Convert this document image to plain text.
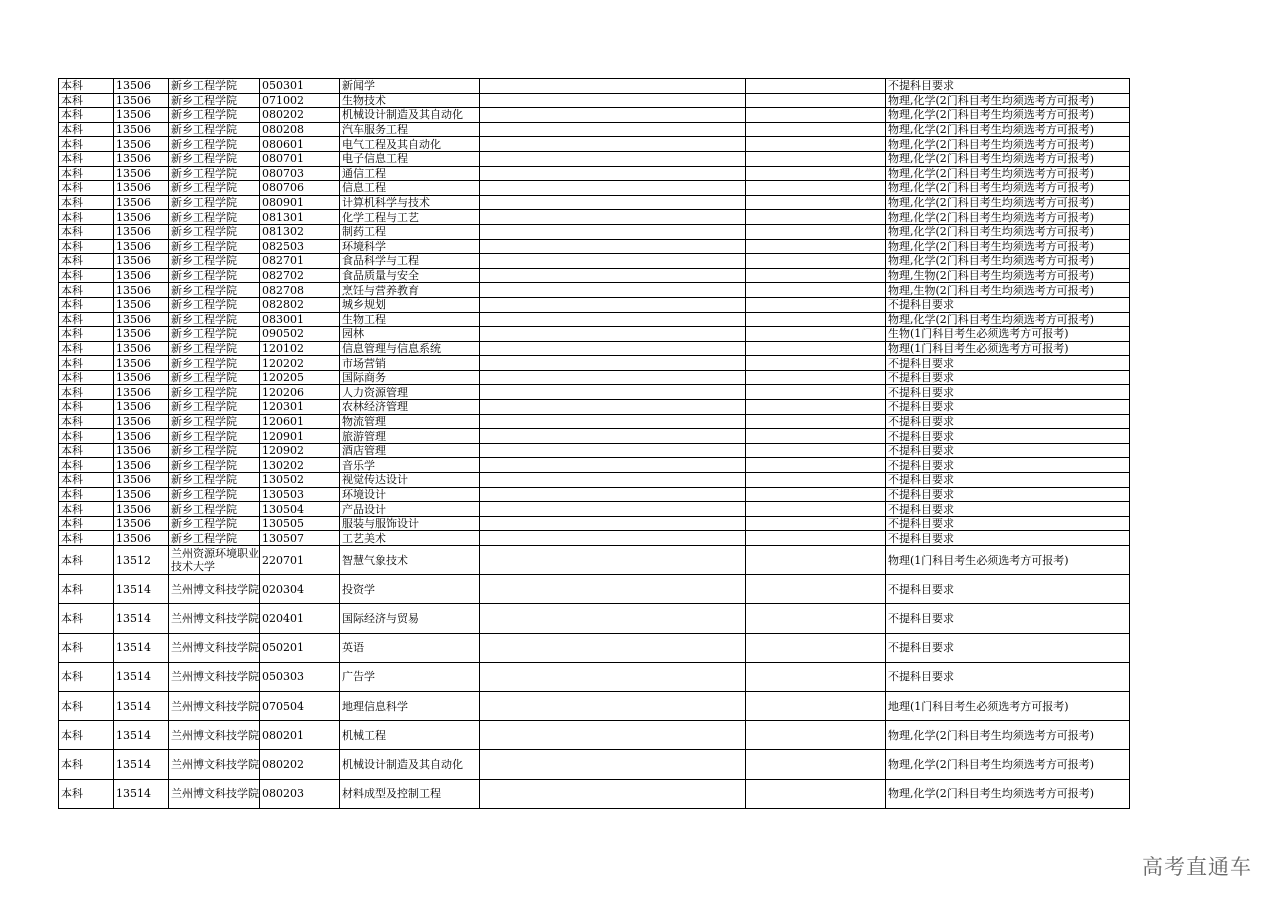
本科	13506	新乡工程学院	050301	新闻学			不提科目要求
本科	13506	新乡工程学院	071002	生物技术			物理,化学(2门科目考生均须选考方可报考)
本科	13506	新乡工程学院	080202	机械设计制造及其自动化			物理,化学(2门科目考生均须选考方可报考)
本科	13506	新乡工程学院	080208	汽车服务工程			物理,化学(2门科目考生均须选考方可报考)
本科	13506	新乡工程学院	080601	电气工程及其自动化			物理,化学(2门科目考生均须选考方可报考)
本科	13506	新乡工程学院	080701	电子信息工程			物理,化学(2门科目考生均须选考方可报考)
本科	13506	新乡工程学院	080703	通信工程			物理,化学(2门科目考生均须选考方可报考)
本科	13506	新乡工程学院	080706	信息工程			物理,化学(2门科目考生均须选考方可报考)
本科	13506	新乡工程学院	080901	计算机科学与技术			物理,化学(2门科目考生均须选考方可报考)
本科	13506	新乡工程学院	081301	化学工程与工艺			物理,化学(2门科目考生均须选考方可报考)
本科	13506	新乡工程学院	081302	制药工程			物理,化学(2门科目考生均须选考方可报考)
本科	13506	新乡工程学院	082503	环境科学			物理,化学(2门科目考生均须选考方可报考)
本科	13506	新乡工程学院	082701	食品科学与工程			物理,化学(2门科目考生均须选考方可报考)
本科	13506	新乡工程学院	082702	食品质量与安全			物理,生物(2门科目考生均须选考方可报考)
本科	13506	新乡工程学院	082708	烹饪与营养教育			物理,生物(2门科目考生均须选考方可报考)
本科	13506	新乡工程学院	082802	城乡规划			不提科目要求
本科	13506	新乡工程学院	083001	生物工程			物理,化学(2门科目考生均须选考方可报考)
本科	13506	新乡工程学院	090502	园林			生物(1门科目考生必须选考方可报考)
本科	13506	新乡工程学院	120102	信息管理与信息系统			物理(1门科目考生必须选考方可报考)
本科	13506	新乡工程学院	120202	市场营销			不提科目要求
本科	13506	新乡工程学院	120205	国际商务			不提科目要求
本科	13506	新乡工程学院	120206	人力资源管理			不提科目要求
本科	13506	新乡工程学院	120301	农林经济管理			不提科目要求
本科	13506	新乡工程学院	120601	物流管理			不提科目要求
本科	13506	新乡工程学院	120901	旅游管理			不提科目要求
本科	13506	新乡工程学院	120902	酒店管理			不提科目要求
本科	13506	新乡工程学院	130202	音乐学			不提科目要求
本科	13506	新乡工程学院	130502	视觉传达设计			不提科目要求
本科	13506	新乡工程学院	130503	环境设计			不提科目要求
本科	13506	新乡工程学院	130504	产品设计			不提科目要求
本科	13506	新乡工程学院	130505	服装与服饰设计			不提科目要求
本科	13506	新乡工程学院	130507	工艺美术			不提科目要求
本科	13512	兰州资源环境职业技术大学	220701	智慧气象技术			物理(1门科目考生必须选考方可报考)
本科	13514	兰州博文科技学院	020304	投资学			不提科目要求
本科	13514	兰州博文科技学院	020401	国际经济与贸易			不提科目要求
本科	13514	兰州博文科技学院	050201	英语			不提科目要求
本科	13514	兰州博文科技学院	050303	广告学			不提科目要求
本科	13514	兰州博文科技学院	070504	地理信息科学			地理(1门科目考生必须选考方可报考)
本科	13514	兰州博文科技学院	080201	机械工程			物理,化学(2门科目考生均须选考方可报考)
本科	13514	兰州博文科技学院	080202	机械设计制造及其自动化			物理,化学(2门科目考生均须选考方可报考)
本科	13514	兰州博文科技学院	080203	材料成型及控制工程			物理,化学(2门科目考生均须选考方可报考)
高考直通车
